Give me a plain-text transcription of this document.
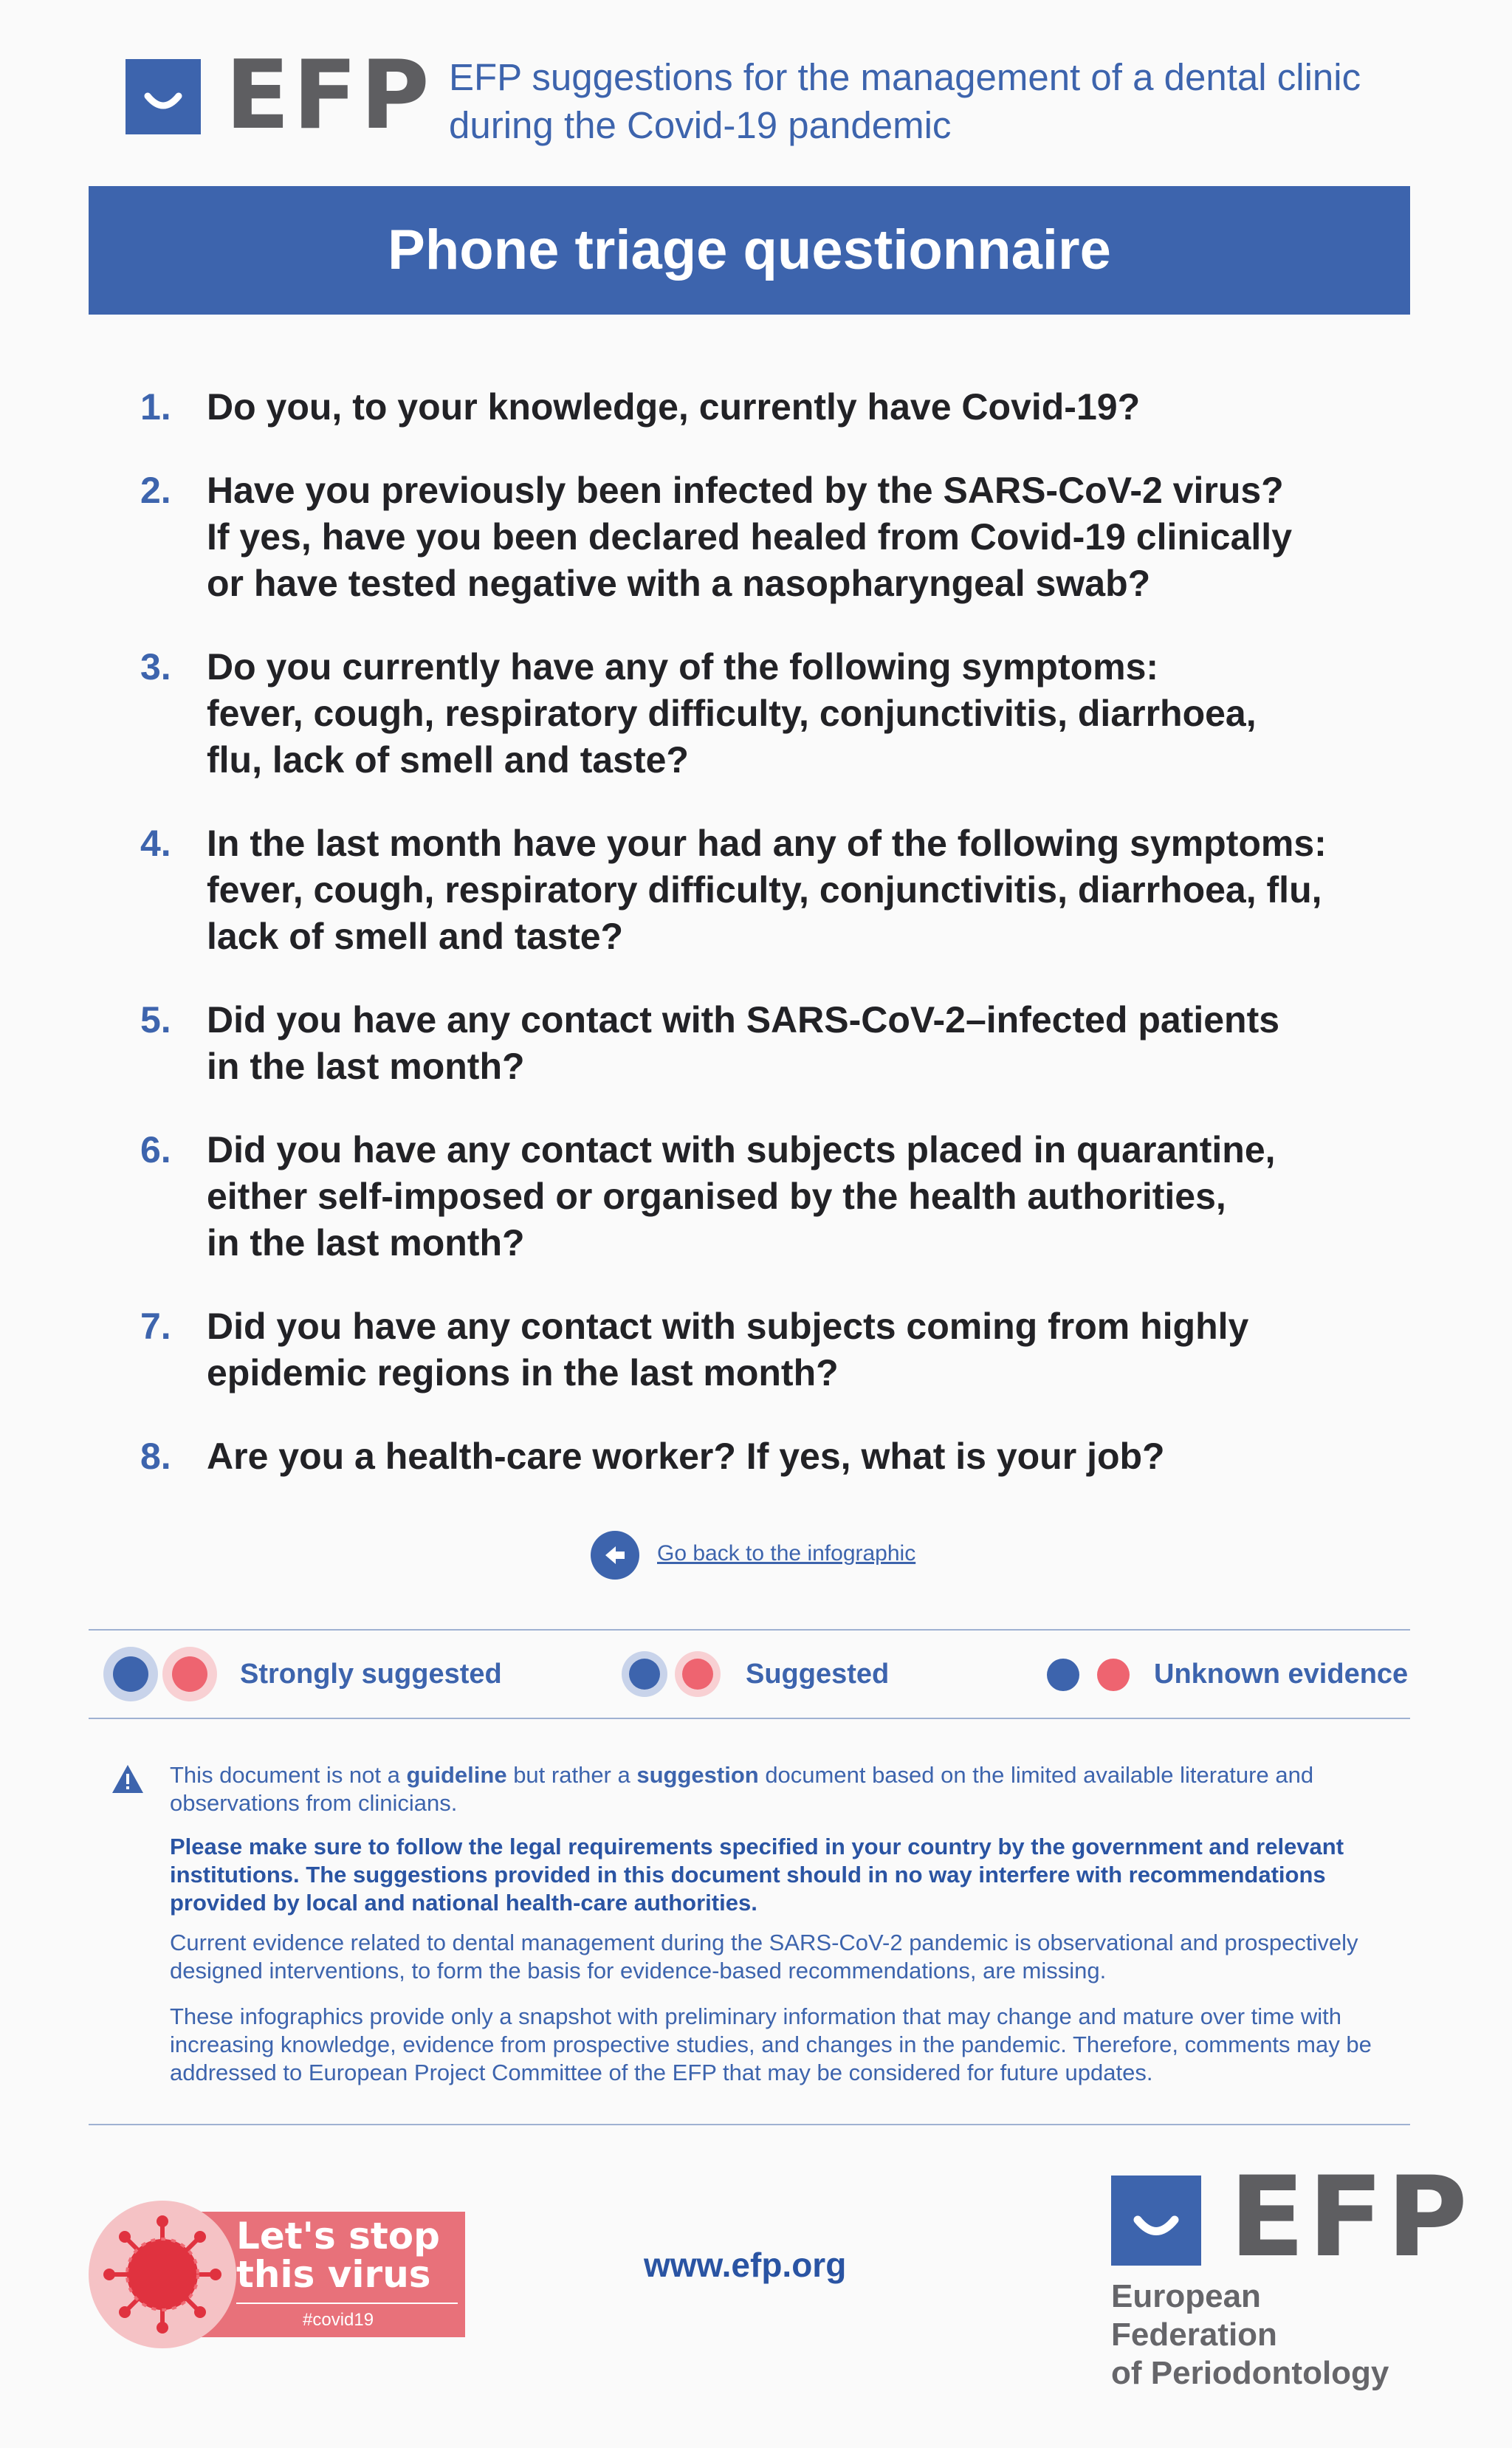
EFP EFP suggestions for the management of a dental clinic
during the Covid-19 pandemic
Phone triage questionnaire
1. Do you, to your knowledge, currently have Covid-19?
2. Have you previously been infected by the SARS-CoV-2 virus?
If yes, have you been declared healed from Covid-19 clinically
or have tested negative with a nasopharyngeal swab?
3. Do you currently have any of the following symptoms:
fever, cough, respiratory difficulty, conjunctivitis, diarrhoea,
flu, lack of smell and taste?
4. In the last month have your had any of the following symptoms:
fever, cough, respiratory difficulty, conjunctivitis, diarrhoea, flu,
lack of smell and taste?
5. Did you have any contact with SARS-CoV-2–infected patients
in the last month?
6. Did you have any contact with subjects placed in quarantine,
either self-imposed or organised by the health authorities,
in the last month?
7. Did you have any contact with subjects coming from highly
epidemic regions in the last month?
8. Are you a health-care worker? If yes, what is your job?
Go back to the infographic
Strongly suggested	Suggested	Unknown evidence

This document is not a guideline but rather a suggestion document based on the limited available literature and observations from clinicians.

Please make sure to follow the legal requirements specified in your country by the government and relevant institutions. The suggestions provided in this document should in no way interfere with recommendations provided by local and national health-care authorities.

Current evidence related to dental management during the SARS-CoV-2 pandemic is observational and prospectively designed interventions, to form the basis for evidence-based recommendations, are missing.

These infographics provide only a snapshot with preliminary information that may change and mature over time with increasing knowledge, evidence from prospective studies, and changes in the pandemic. Therefore, comments may be addressed to European Project Committee of the EFP that may be considered for future updates.

Let's stop
this virus
#covid19
www.efp.org	EFP
European Federation
of Periodontology
